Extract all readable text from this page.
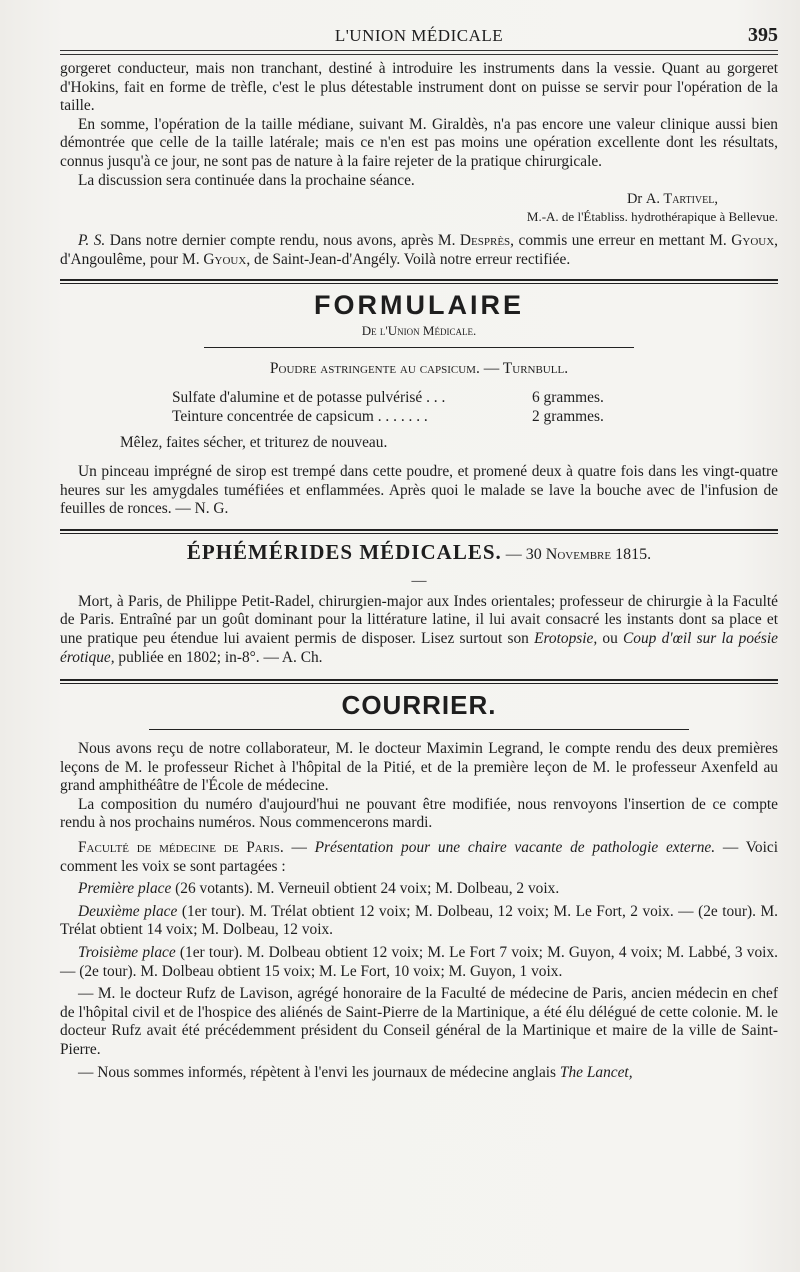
L'UNION MÉDICALE	395

gorgeret conducteur, mais non tranchant, destiné à introduire les instruments dans la vessie. Quant au gorgeret d'Hokins, fait en forme de trèfle, c'est le plus détestable instrument dont on puisse se servir pour l'opération de la taille.

En somme, l'opération de la taille médiane, suivant M. Giraldès, n'a pas encore une valeur clinique aussi bien démontrée que celle de la taille latérale; mais ce n'en est pas moins une opération excellente dont les résultats, connus jusqu'à ce jour, ne sont pas de nature à la faire rejeter de la pratique chirurgicale.

La discussion sera continuée dans la prochaine séance.

Dr A. Tartivel,
M.-A. de l'Établiss. hydrothérapique à Bellevue.

P. S. Dans notre dernier compte rendu, nous avons, après M. Desprès, commis une erreur en mettant M. Gyoux, d'Angoulême, pour M. Gyoux, de Saint-Jean-d'Angély. Voilà notre erreur rectifiée.

FORMULAIRE
De l'Union Médicale.
Poudre astringente au capsicum. — Turnbull.
Sulfate d'alumine et de potasse pulvérisé . . .	6 grammes.
Teinture concentrée de capsicum . . . . . . .	2 grammes.

Mêlez, faites sécher, et triturez de nouveau.

Un pinceau imprégné de sirop est trempé dans cette poudre, et promené deux à quatre fois dans les vingt-quatre heures sur les amygdales tuméfiées et enflammées. Après quoi le malade se lave la bouche avec de l'infusion de feuilles de ronces. — N. G.

ÉPHÉMÉRIDES MÉDICALES. — 30 Novembre 1815.
—

Mort, à Paris, de Philippe Petit-Radel, chirurgien-major aux Indes orientales; professeur de chirurgie à la Faculté de Paris. Entraîné par un goût dominant pour la littérature latine, il lui avait consacré les instants dont sa place et une pratique peu étendue lui avaient permis de disposer. Lisez surtout son Erotopsie, ou Coup d'œil sur la poésie érotique, publiée en 1802; in-8°. — A. Ch.

COURRIER.

Nous avons reçu de notre collaborateur, M. le docteur Maximin Legrand, le compte rendu des deux premières leçons de M. le professeur Richet à l'hôpital de la Pitié, et de la première leçon de M. le professeur Axenfeld au grand amphithéâtre de l'École de médecine.

La composition du numéro d'aujourd'hui ne pouvant être modifiée, nous renvoyons l'insertion de ce compte rendu à nos prochains numéros. Nous commencerons mardi.

Faculté de médecine de Paris. — Présentation pour une chaire vacante de pathologie externe. — Voici comment les voix se sont partagées :

Première place (26 votants). M. Verneuil obtient 24 voix; M. Dolbeau, 2 voix.

Deuxième place (1er tour). M. Trélat obtient 12 voix; M. Dolbeau, 12 voix; M. Le Fort, 2 voix. — (2e tour). M. Trélat obtient 14 voix; M. Dolbeau, 12 voix.

Troisième place (1er tour). M. Dolbeau obtient 12 voix; M. Le Fort 7 voix; M. Guyon, 4 voix; M. Labbé, 3 voix. — (2e tour). M. Dolbeau obtient 15 voix; M. Le Fort, 10 voix; M. Guyon, 1 voix.

— M. le docteur Rufz de Lavison, agrégé honoraire de la Faculté de médecine de Paris, ancien médecin en chef de l'hôpital civil et de l'hospice des aliénés de Saint-Pierre de la Martinique, a été élu délégué de cette colonie. M. le docteur Rufz avait été précédemment président du Conseil général de la Martinique et maire de la ville de Saint-Pierre.

— Nous sommes informés, répètent à l'envi les journaux de médecine anglais The Lancet,
